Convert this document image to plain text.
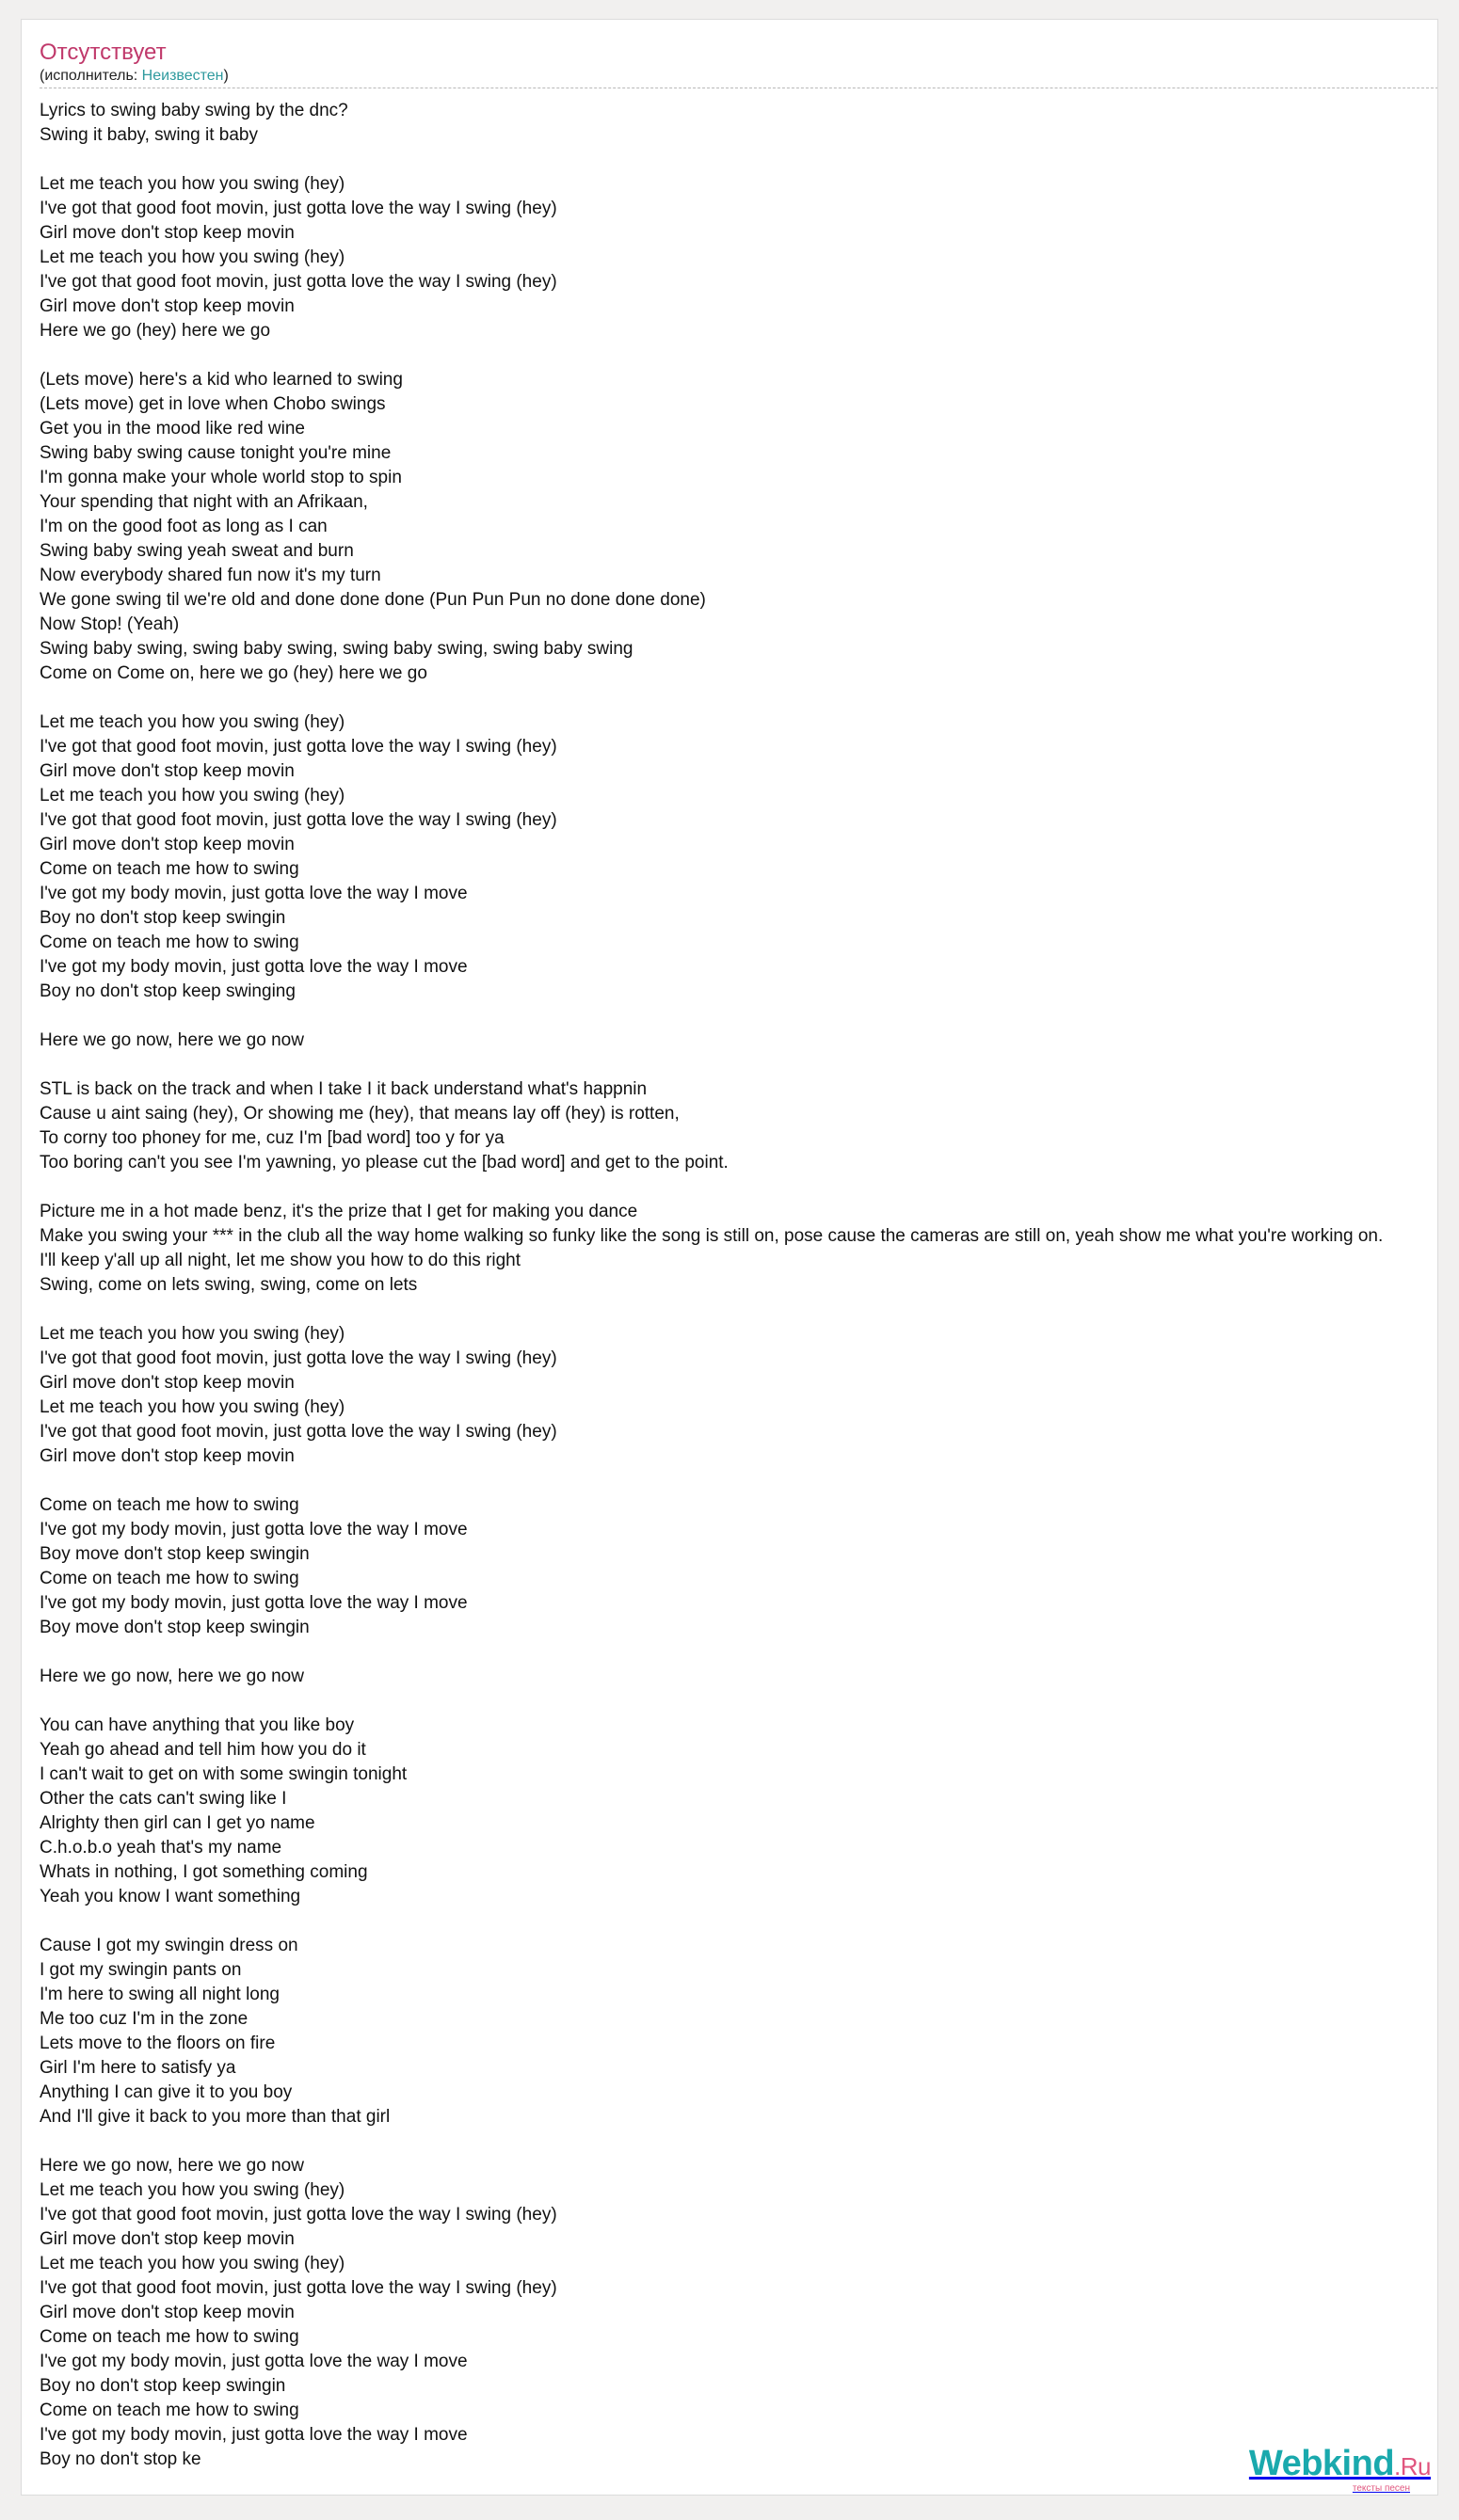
Отсутствует
(исполнитель: Неизвестен)
Lyrics to swing baby swing by the dnc?
Swing it baby, swing it baby

Let me teach you how you swing (hey)
I've got that good foot movin, just gotta love the way I swing (hey)
Girl move don't stop keep movin
Let me teach you how you swing (hey)
I've got that good foot movin, just gotta love the way I swing (hey)
Girl move don't stop keep movin
Here we go (hey) here we go

(Lets move) here's a kid who learned to swing
(Lets move) get in love when Chobo swings
Get you in the mood like red wine
Swing baby swing cause tonight you're mine
I'm gonna make your whole world stop to spin
Your spending that night with an Afrikaan,
I'm on the good foot as long as I can
Swing baby swing yeah sweat and burn
Now everybody shared fun now it's my turn
We gone swing til we're old and done done done (Pun Pun Pun no done done done)
Now Stop! (Yeah)
Swing baby swing, swing baby swing, swing baby swing, swing baby swing
Come on Come on, here we go (hey) here we go

Let me teach you how you swing (hey)
I've got that good foot movin, just gotta love the way I swing (hey)
Girl move don't stop keep movin
Let me teach you how you swing (hey)
I've got that good foot movin, just gotta love the way I swing (hey)
Girl move don't stop keep movin
Come on teach me how to swing
I've got my body movin, just gotta love the way I move
Boy no don't stop keep swingin
Come on teach me how to swing
I've got my body movin, just gotta love the way I move
Boy no don't stop keep swinging

Here we go now, here we go now

STL is back on the track and when I take I it back understand what's happnin
Cause u aint saing (hey), Or showing me (hey), that means lay off (hey) is rotten,
To corny too phoney for me, cuz I'm [bad word] too y for ya
Too boring can't you see I'm yawning, yo please cut the [bad word] and get to the point.

Picture me in a hot made benz, it's the prize that I get for making you dance
Make you swing your *** in the club all the way home walking so funky like the song is still on, pose cause the cameras are still on, yeah show me what you're working on.
I'll keep y'all up all night, let me show you how to do this right
Swing, come on lets swing, swing, come on lets

Let me teach you how you swing (hey)
I've got that good foot movin, just gotta love the way I swing (hey)
Girl move don't stop keep movin
Let me teach you how you swing (hey)
I've got that good foot movin, just gotta love the way I swing (hey)
Girl move don't stop keep movin

Come on teach me how to swing
I've got my body movin, just gotta love the way I move
Boy move don't stop keep swingin
Come on teach me how to swing
I've got my body movin, just gotta love the way I move
Boy move don't stop keep swingin

Here we go now, here we go now

You can have anything that you like boy
Yeah go ahead and tell him how you do it
I can't wait to get on with some swingin tonight
Other the cats can't swing like I
Alrighty then girl can I get yo name
C.h.o.b.o yeah that's my name
Whats in nothing, I got something coming
Yeah you know I want something

Cause I got my swingin dress on
I got my swingin pants on
I'm here to swing all night long
Me too cuz I'm in the zone
Lets move to the floors on fire
Girl I'm here to satisfy ya
Anything I can give it to you boy
And I'll give it back to you more than that girl

Here we go now, here we go now
Let me teach you how you swing (hey)
I've got that good foot movin, just gotta love the way I swing (hey)
Girl move don't stop keep movin
Let me teach you how you swing (hey)
I've got that good foot movin, just gotta love the way I swing (hey)
Girl move don't stop keep movin
Come on teach me how to swing
I've got my body movin, just gotta love the way I move
Boy no don't stop keep swingin
Come on teach me how to swing
I've got my body movin, just gotta love the way I move
Boy no don't stop ke	Webkind.Ru
тексты песен
